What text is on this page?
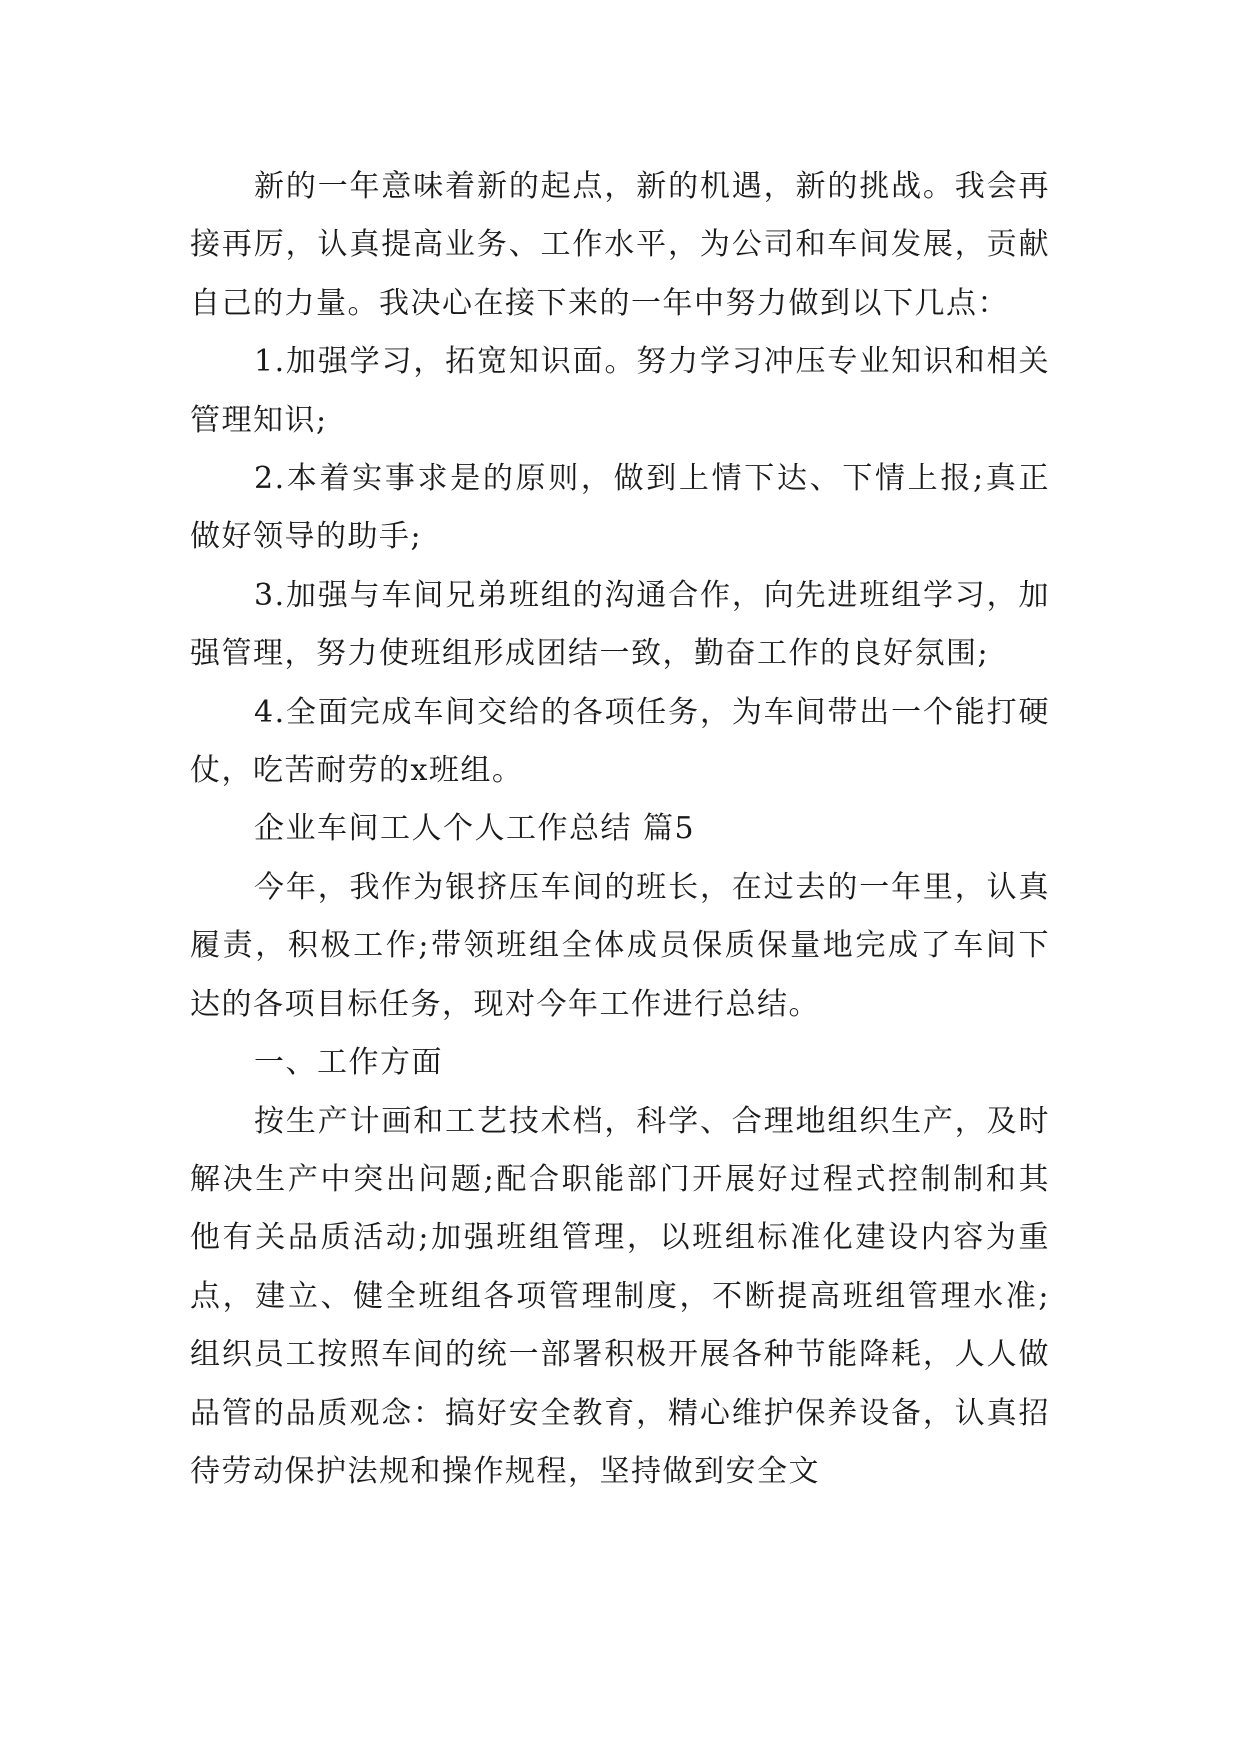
新的一年意味着新的起点，新的机遇，新的挑战。我会再接再厉，认真提高业务、工作水平，为公司和车间发展，贡献自己的力量。我决心在接下来的一年中努力做到以下几点：

1.加强学习，拓宽知识面。努力学习冲压专业知识和相关管理知识;

2.本着实事求是的原则，做到上情下达、下情上报;真正做好领导的助手;

3.加强与车间兄弟班组的沟通合作，向先进班组学习，加强管理，努力使班组形成团结一致，勤奋工作的良好氛围;

4.全面完成车间交给的各项任务，为车间带出一个能打硬仗，吃苦耐劳的x班组。

企业车间工人个人工作总结 篇5

今年，我作为银挤压车间的班长，在过去的一年里，认真履责，积极工作;带领班组全体成员保质保量地完成了车间下达的各项目标任务，现对今年工作进行总结。

一、工作方面

按生产计画和工艺技术档，科学、合理地组织生产，及时解决生产中突出问题;配合职能部门开展好过程式控制制和其他有关品质活动;加强班组管理，以班组标准化建设内容为重点，建立、健全班组各项管理制度，不断提高班组管理水准;组织员工按照车间的统一部署积极开展各种节能降耗，人人做品管的品质观念：搞好安全教育，精心维护保养设备，认真招待劳动保护法规和操作规程，坚持做到安全文
